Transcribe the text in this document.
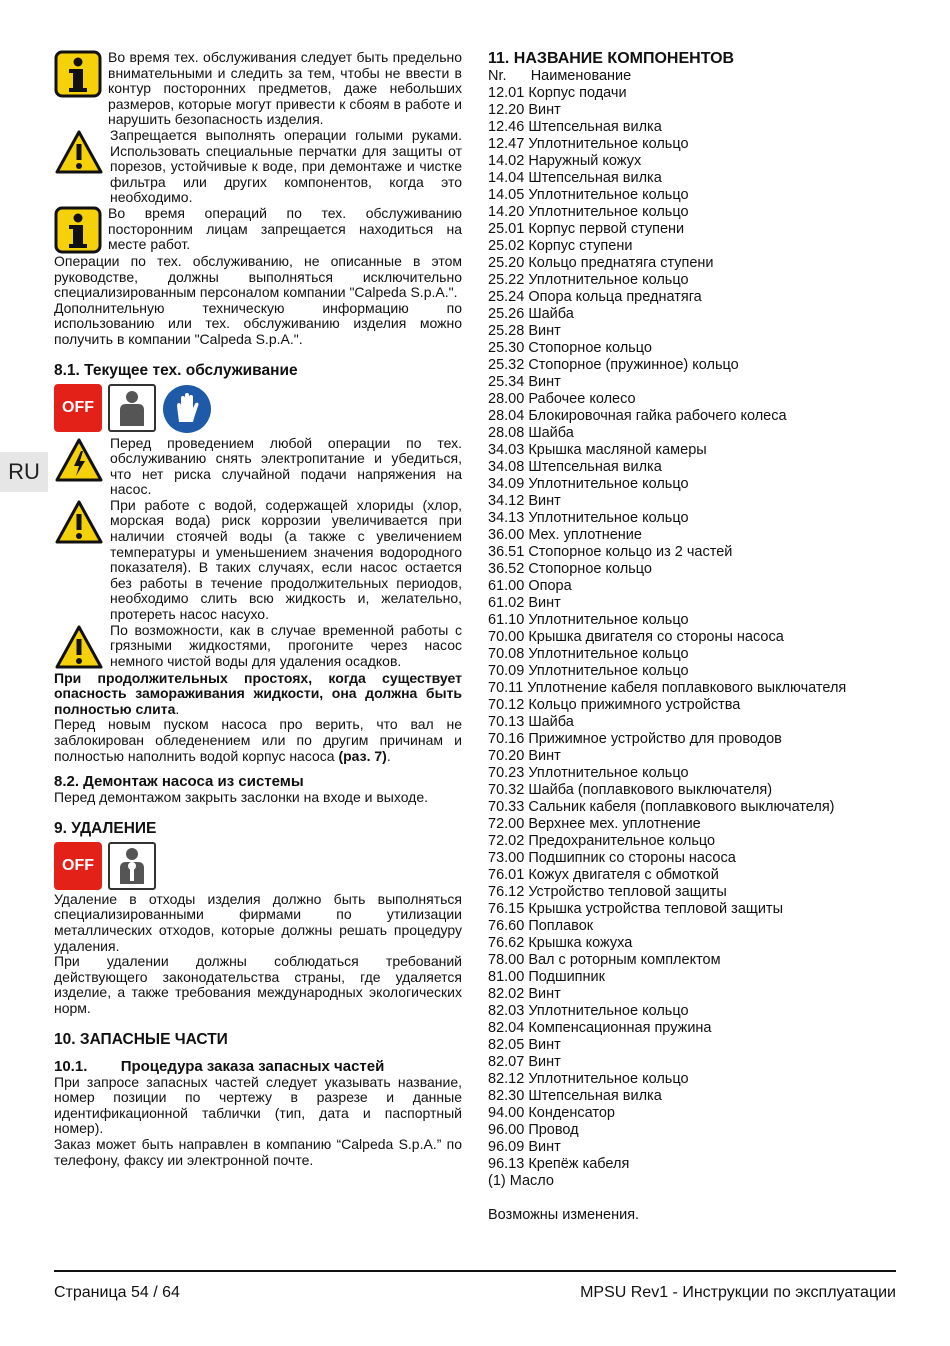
RU

Во время тех. обслуживания следует быть предельно внимательными и следить за тем, чтобы не ввести в контур посторонних предметов, даже небольших размеров, которые могут привести к сбоям в работе и нарушить безопасность изделия.

Запрещается выполнять операции голыми руками. Использовать специальные перчатки для защиты от порезов, устойчивые к воде, при демонтаже и чистке фильтра или других компонентов, когда это необходимо.

Во время операций по тех. обслуживанию посторонним лицам запрещается находиться на месте работ.

Операции по тех. обслуживанию, не описанные в этом руководстве, должны выполняться исключительно специализированным персоналом компании "Calpeda S.p.A.".

Дополнительную техническую информацию по использованию или тех. обслуживанию изделия можно получить в компании "Calpeda S.p.A.".

8.1. Текущее тех. обслуживание
OFF

Перед проведением любой операции по тех. обслуживанию снять электропитание и убедиться, что нет риска случайной подачи напряжения на насос.

При работе с водой, содержащей хлориды (хлор, морская вода) риск коррозии увеличивается при наличии стоячей воды (а также с увеличением температуры и уменьшением значения водородного показателя). В таких случаях, если насос остается без работы в течение продолжительных периодов, необходимо слить всю жидкость и, желательно, протереть насос насухо.

По возможности, как в случае временной работы с грязными жидкостями, прогоните через насос немного чистой воды для удаления осадков.

При продолжительных простоях, когда существует опасность замораживания жидкости, она должна быть полностью слита.

Перед новым пуском насоса про верить, что вал не заблокирован обледенением или по другим причинам и полностью наполнить водой корпус насоса (раз. 7).

8.2. Демонтаж насоса из системы

Перед демонтажом закрыть заслонки на входе и выходе.

9. УДАЛЕНИЕ
OFF

Удаление в отходы изделия должно быть выполняться специализированными фирмами по утилизации металлических отходов, которые должны решать процедуру удаления.

При удалении должны соблюдаться требований действующего законодательства страны, где удаляется изделие, а также требования международных экологических норм.

10. ЗАПАСНЫЕ ЧАСТИ
10.1.        Процедура заказа запасных частей

При запросе запасных частей следует указывать название, номер позиции по чертежу в разрезе и данные идентификационной таблички (тип, дата и паспортный номер).

Заказ может быть направлен в компанию “Calpeda S.p.A.” по телефону, факсу ии электронной почте.

11. НАЗВАНИЕ КОМПОНЕНТОВ
Nr.      Наименование
12.01 Корпус подачи
12.20 Винт
12.46 Штепсельная вилка
12.47 Уплотнительное кольцо
14.02 Наружный кожух
14.04 Штепсельная вилка
14.05 Уплотнительное кольцо
14.20 Уплотнительное кольцо
25.01 Корпус первой ступени
25.02 Корпус ступени
25.20 Кольцо преднатяга ступени
25.22 Уплотнительное кольцо
25.24 Опора кольца преднатяга
25.26 Шайба
25.28 Винт
25.30 Стопорное кольцо
25.32 Стопорное (пружинное) кольцо
25.34 Винт
28.00 Рабочее колесо
28.04 Блокировочная гайка рабочего колеса
28.08 Шайба
34.03 Крышка масляной камеры
34.08 Штепсельная вилка
34.09 Уплотнительное кольцо
34.12 Винт
34.13 Уплотнительное кольцо
36.00 Мех. уплотнение
36.51 Стопорное кольцо из 2 частей
36.52 Стопорное кольцо
61.00 Опора
61.02 Винт
61.10 Уплотнительное кольцо
70.00 Крышка двигателя со стороны насоса
70.08 Уплотнительное кольцо
70.09 Уплотнительное кольцо
70.11 Уплотнение кабеля поплавкового выключателя
70.12 Кольцо прижимного устройства
70.13 Шайба
70.16 Прижимное устройство для проводов
70.20 Винт
70.23 Уплотнительное кольцо
70.32 Шайба (поплавкового выключателя)
70.33 Сальник кабеля (поплавкового выключателя)
72.00 Верхнее мех. уплотнение
72.02 Предохранительное кольцо
73.00 Подшипник со стороны насоса
76.01 Кожух двигателя с обмоткой
76.12 Устройство тепловой защиты
76.15 Крышка устройства тепловой защиты
76.60 Поплавок
76.62 Крышка кожуха
78.00 Вал с роторным комплектом
81.00 Подшипник
82.02 Винт
82.03 Уплотнительное кольцо
82.04 Компенсационная пружина
82.05 Винт
82.07 Винт
82.12 Уплотнительное кольцо
82.30 Штепсельная вилка
94.00 Конденсатор
96.00 Провод
96.09 Винт
96.13 Крепёж кабеля
(1) Масло
Возможны изменения.
Страница 54 / 64	MPSU Rev1 - Инструкции по эксплуатации
